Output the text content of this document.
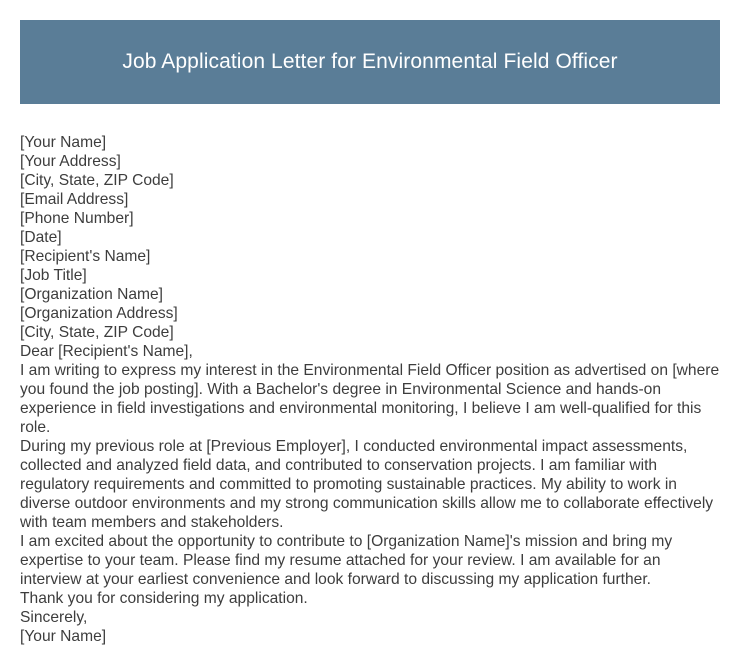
Job Application Letter for Environmental Field Officer

[Your Name]

[Your Address]

[City, State, ZIP Code]

[Email Address]

[Phone Number]

[Date]

[Recipient's Name]

[Job Title]

[Organization Name]

[Organization Address]

[City, State, ZIP Code]

Dear [Recipient's Name],

I am writing to express my interest in the Environmental Field Officer position as advertised on [where you found the job posting]. With a Bachelor's degree in Environmental Science and hands-on experience in field investigations and environmental monitoring, I believe I am well-qualified for this role.

During my previous role at [Previous Employer], I conducted environmental impact assessments, collected and analyzed field data, and contributed to conservation projects. I am familiar with regulatory requirements and committed to promoting sustainable practices. My ability to work in diverse outdoor environments and my strong communication skills allow me to collaborate effectively with team members and stakeholders.

I am excited about the opportunity to contribute to [Organization Name]'s mission and bring my expertise to your team. Please find my resume attached for your review. I am available for an interview at your earliest convenience and look forward to discussing my application further.

Thank you for considering my application.

Sincerely,

[Your Name]
